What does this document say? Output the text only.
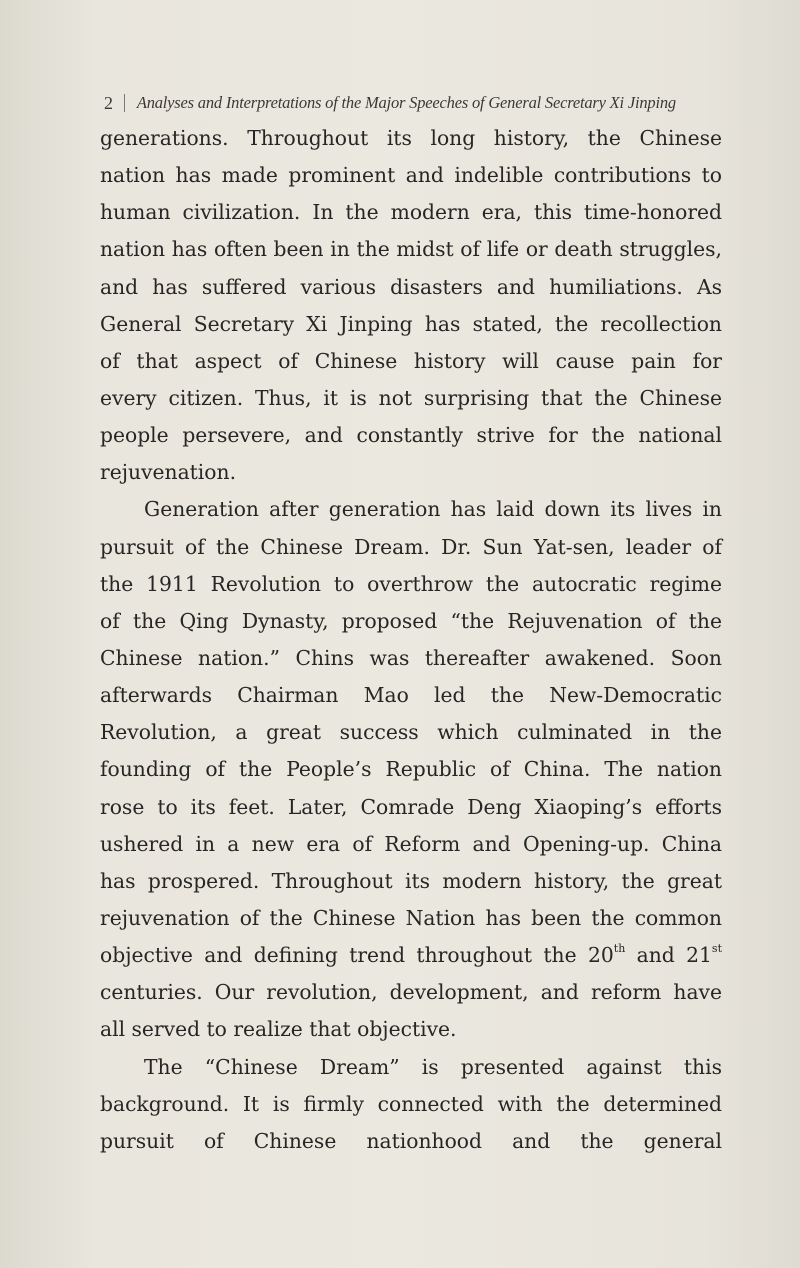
2 Analyses and Interpretations of the Major Speeches of General Secretary Xi Jinping
generations. Throughout its long history, the Chinese
nation has made prominent and indelible contributions to
human civilization. In the modern era, this time-honored
nation has often been in the midst of life or death struggles,
and has suffered various disasters and humiliations. As
General Secretary Xi Jinping has stated, the recollection
of that aspect of Chinese history will cause pain for
every citizen. Thus, it is not surprising that the Chinese
people persevere, and constantly strive for the national
rejuvenation.
Generation after generation has laid down its lives in
pursuit of the Chinese Dream. Dr. Sun Yat-sen, leader of
the 1911 Revolution to overthrow the autocratic regime
of the Qing Dynasty, proposed “the Rejuvenation of the
Chinese nation.” Chins was thereafter awakened. Soon
afterwards Chairman Mao led the New-Democratic
Revolution, a great success which culminated in the
founding of the People’s Republic of China. The nation
rose to its feet. Later, Comrade Deng Xiaoping’s efforts
ushered in a new era of Reform and Opening-up. China
has prospered. Throughout its modern history, the great
rejuvenation of the Chinese Nation has been the common
objective and defining trend throughout the 20th and 21st
centuries. Our revolution, development, and reform have
all served to realize that objective.
The “Chinese Dream” is presented against this
background. It is firmly connected with the determined
pursuit of Chinese nationhood and the general
